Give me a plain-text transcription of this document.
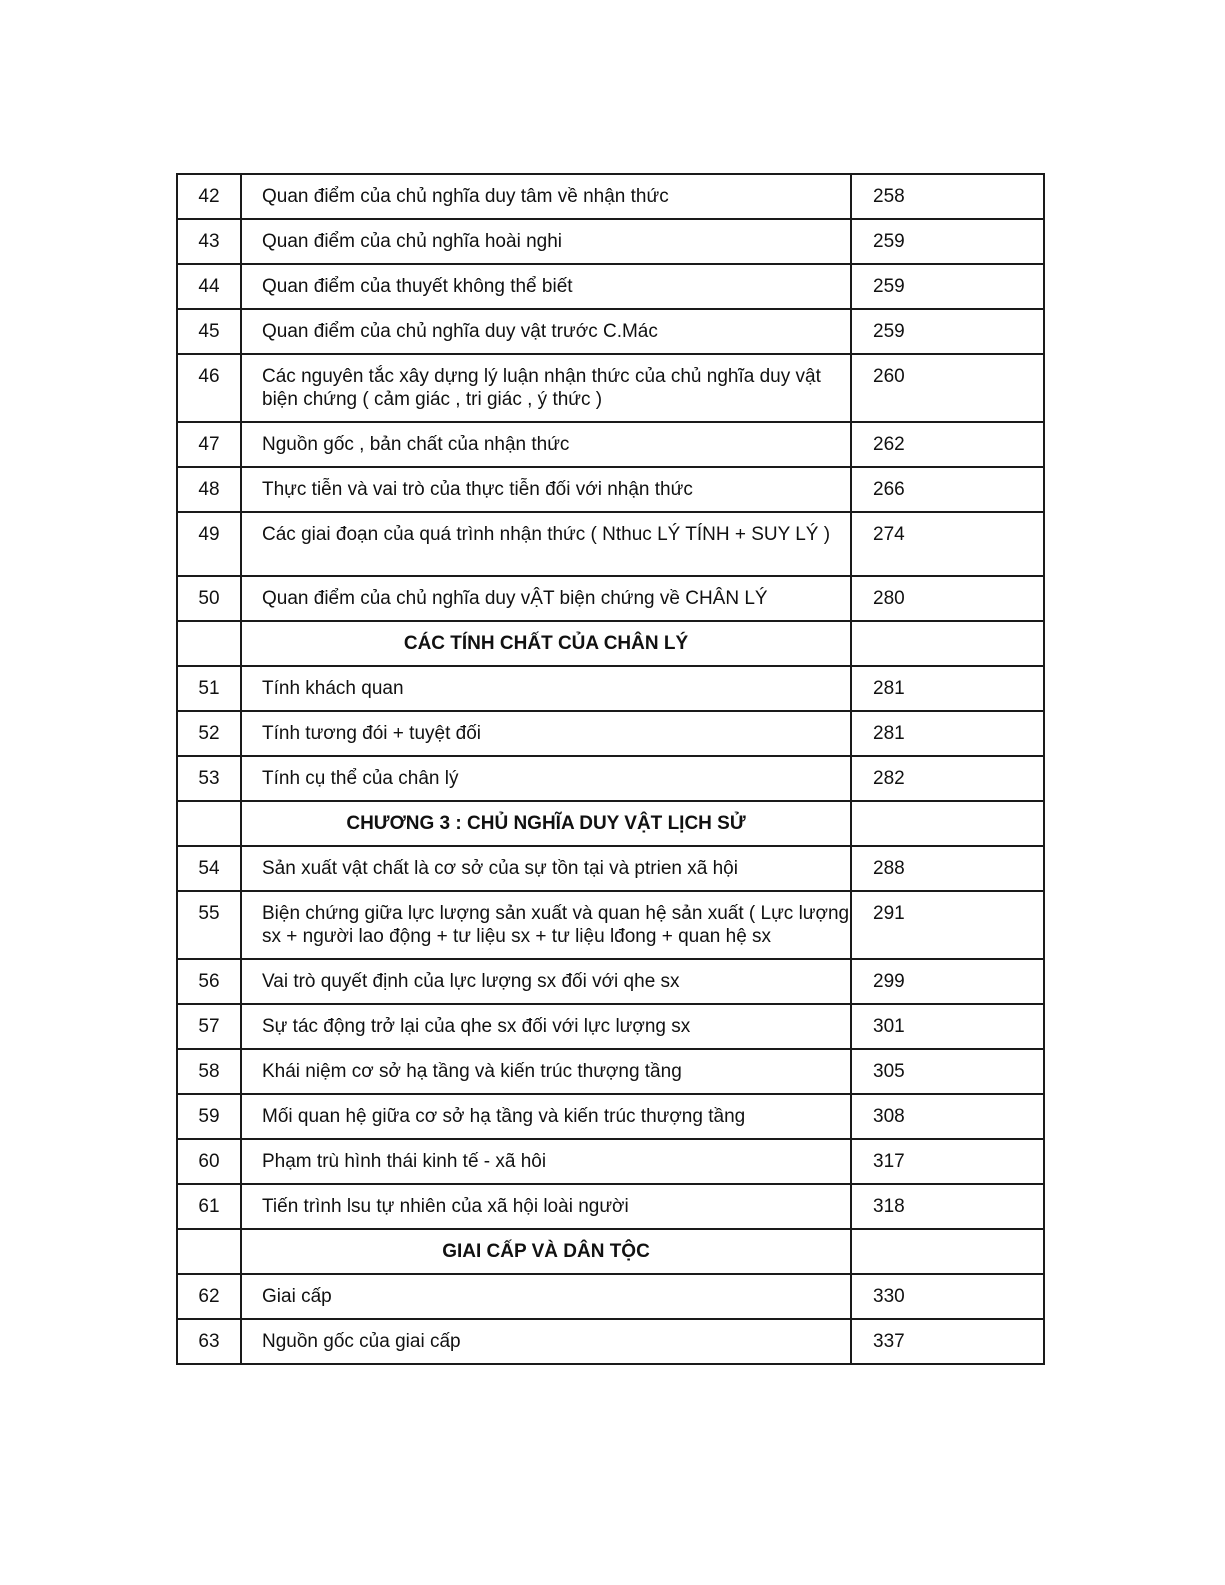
42	Quan điểm của chủ nghĩa duy tâm về nhận thức	258
43	Quan điểm của chủ nghĩa hoài nghi	259
44	Quan điểm của thuyết không thể biết	259
45	Quan điểm của chủ nghĩa duy vật trước C.Mác	259
46	Các nguyên tắc xây dựng lý luận nhận thức của chủ nghĩa duy vật biện chứng ( cảm giác , tri giác , ý thức )	260
47	Nguồn gốc , bản chất của nhận thức	262
48	Thực tiễn và vai trò của thực tiễn đối với nhận thức	266
49	Các giai đoạn của quá trình nhận thức ( Nthuc LÝ TÍNH + SUY LÝ )	274
50	Quan điểm của chủ nghĩa duy vẬT biện chứng về CHÂN LÝ	280
	CÁC TÍNH CHẤT CỦA CHÂN LÝ	
51	Tính khách quan	281
52	Tính tương đói + tuyệt đối	281
53	Tính cụ thể của chân lý	282
	CHƯƠNG 3 : CHỦ NGHĨA DUY VẬT LỊCH SỬ	
54	Sản xuất vật chất là cơ sở của sự tồn tại và ptrien xã hội	288
55	Biện chứng giữa lực lượng sản xuất và quan hệ sản xuất ( Lực lượng sx + người lao động + tư liệu sx + tư liệu lđong + quan hệ sx	291
56	Vai trò quyết định của lực lượng sx đối với qhe sx	299
57	Sự tác động trở lại của qhe sx đối với lực lượng sx	301
58	Khái niệm cơ sở hạ tầng và kiến trúc thượng tầng	305
59	Mối quan hệ giữa cơ sở hạ tầng và kiến trúc thượng tầng	308
60	Phạm trù hình thái kinh tế - xã hôi	317
61	Tiến trình lsu tự nhiên của xã hội loài người	318
	GIAI CẤP VÀ DÂN TỘC	
62	Giai cấp	330
63	Nguồn gốc của giai cấp	337
